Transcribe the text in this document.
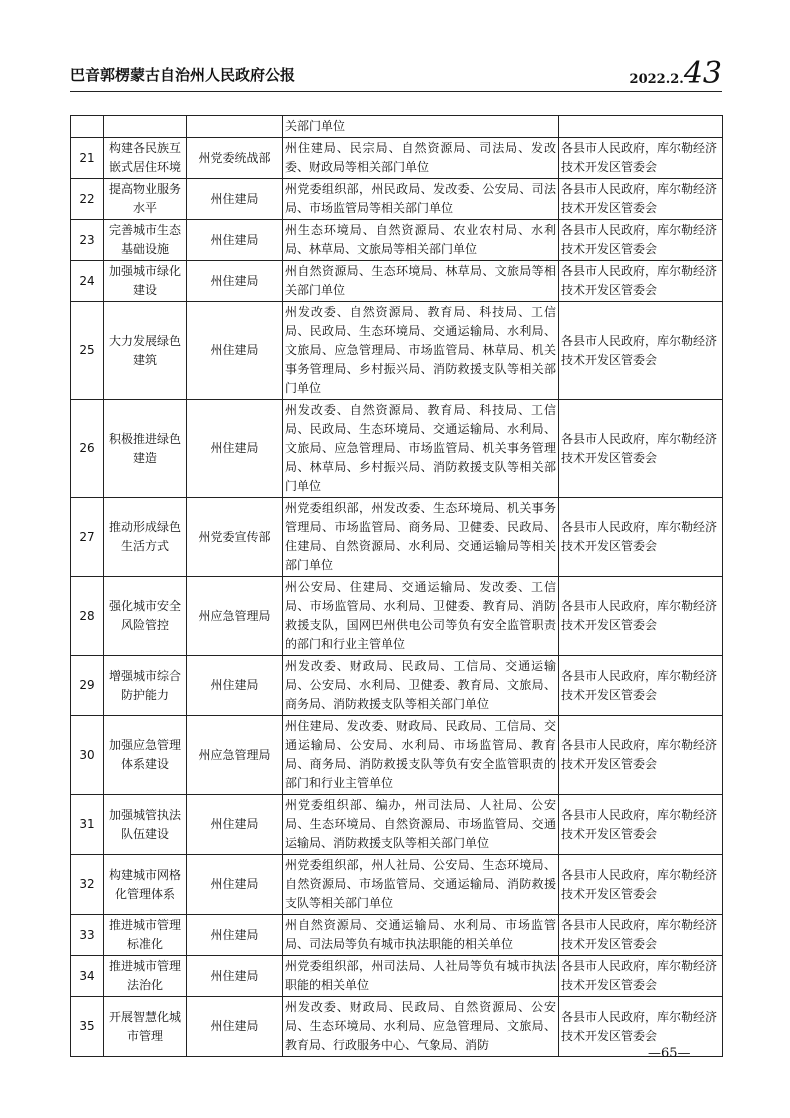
巴音郭楞蒙古自治州人民政府公报	2022.2.43
			关部门单位	
21	构建各民族互嵌式居住环境	州党委统战部	州住建局、民宗局、自然资源局、司法局、发改委、财政局等相关部门单位	各县市人民政府，库尔勒经济技术开发区管委会
22	提高物业服务水平	州住建局	州党委组织部，州民政局、发改委、公安局、司法局、市场监管局等相关部门单位	各县市人民政府，库尔勒经济技术开发区管委会
23	完善城市生态基础设施	州住建局	州生态环境局、自然资源局、农业农村局、水利局、林草局、文旅局等相关部门单位	各县市人民政府，库尔勒经济技术开发区管委会
24	加强城市绿化建设	州住建局	州自然资源局、生态环境局、林草局、文旅局等相关部门单位	各县市人民政府，库尔勒经济技术开发区管委会
25	大力发展绿色建筑	州住建局	州发改委、自然资源局、教育局、科技局、工信局、民政局、生态环境局、交通运输局、水利局、文旅局、应急管理局、市场监管局、林草局、机关事务管理局、乡村振兴局、消防救援支队等相关部门单位	各县市人民政府，库尔勒经济技术开发区管委会
26	积极推进绿色建造	州住建局	州发改委、自然资源局、教育局、科技局、工信局、民政局、生态环境局、交通运输局、水利局、文旅局、应急管理局、市场监管局、机关事务管理局、林草局、乡村振兴局、消防救援支队等相关部门单位	各县市人民政府，库尔勒经济技术开发区管委会
27	推动形成绿色生活方式	州党委宣传部	州党委组织部，州发改委、生态环境局、机关事务管理局、市场监管局、商务局、卫健委、民政局、住建局、自然资源局、水利局、交通运输局等相关部门单位	各县市人民政府，库尔勒经济技术开发区管委会
28	强化城市安全风险管控	州应急管理局	州公安局、住建局、交通运输局、发改委、工信局、市场监管局、水利局、卫健委、教育局、消防救援支队，国网巴州供电公司等负有安全监管职责的部门和行业主管单位	各县市人民政府，库尔勒经济技术开发区管委会
29	增强城市综合防护能力	州住建局	州发改委、财政局、民政局、工信局、交通运输局、公安局、水利局、卫健委、教育局、文旅局、商务局、消防救援支队等相关部门单位	各县市人民政府，库尔勒经济技术开发区管委会
30	加强应急管理体系建设	州应急管理局	州住建局、发改委、财政局、民政局、工信局、交通运输局、公安局、水利局、市场监管局、教育局、商务局、消防救援支队等负有安全监管职责的部门和行业主管单位	各县市人民政府，库尔勒经济技术开发区管委会
31	加强城管执法队伍建设	州住建局	州党委组织部、编办，州司法局、人社局、公安局、生态环境局、自然资源局、市场监管局、交通运输局、消防救援支队等相关部门单位	各县市人民政府，库尔勒经济技术开发区管委会
32	构建城市网格化管理体系	州住建局	州党委组织部，州人社局、公安局、生态环境局、自然资源局、市场监管局、交通运输局、消防救援支队等相关部门单位	各县市人民政府，库尔勒经济技术开发区管委会
33	推进城市管理标准化	州住建局	州自然资源局、交通运输局、水利局、市场监管局、司法局等负有城市执法职能的相关单位	各县市人民政府，库尔勒经济技术开发区管委会
34	推进城市管理法治化	州住建局	州党委组织部，州司法局、人社局等负有城市执法职能的相关单位	各县市人民政府，库尔勒经济技术开发区管委会
35	开展智慧化城市管理	州住建局	州发改委、财政局、民政局、自然资源局、公安局、生态环境局、水利局、应急管理局、文旅局、教育局、行政服务中心、气象局、消防	各县市人民政府，库尔勒经济技术开发区管委会
—65—
